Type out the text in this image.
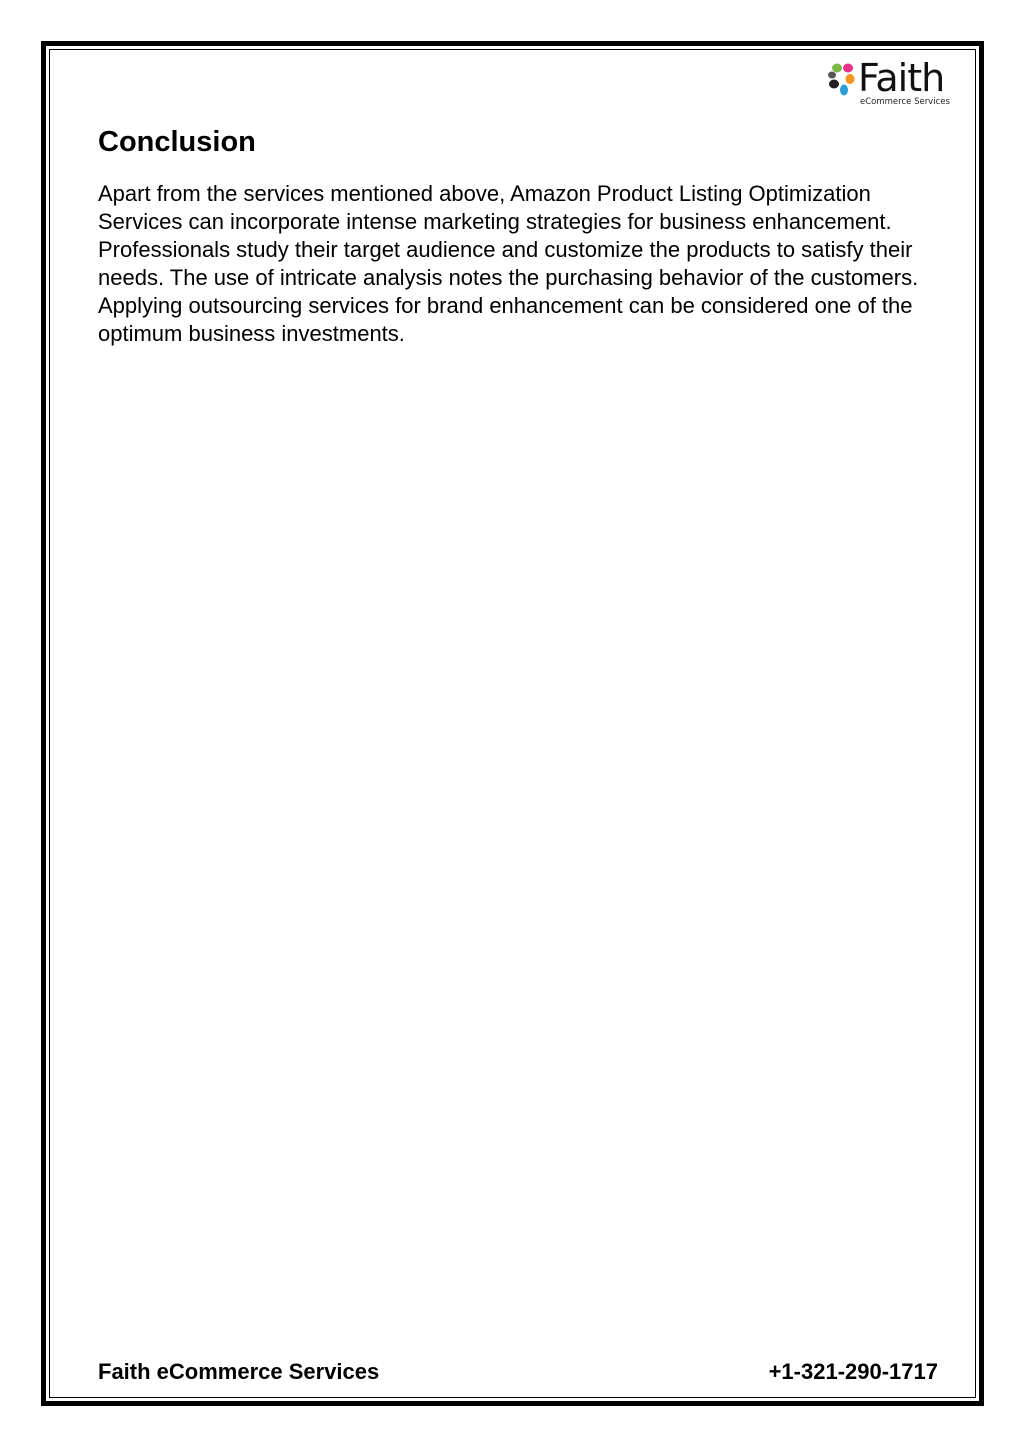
Faith
eCommerce Services
Conclusion

Apart from the services mentioned above, Amazon Product Listing Optimization Services can incorporate intense marketing strategies for business enhancement. Professionals study their target audience and customize the products to satisfy their needs. The use of intricate analysis notes the purchasing behavior of the customers. Applying outsourcing services for brand enhancement can be considered one of the optimum business investments.

Faith eCommerce Services	+1-321-290-1717
